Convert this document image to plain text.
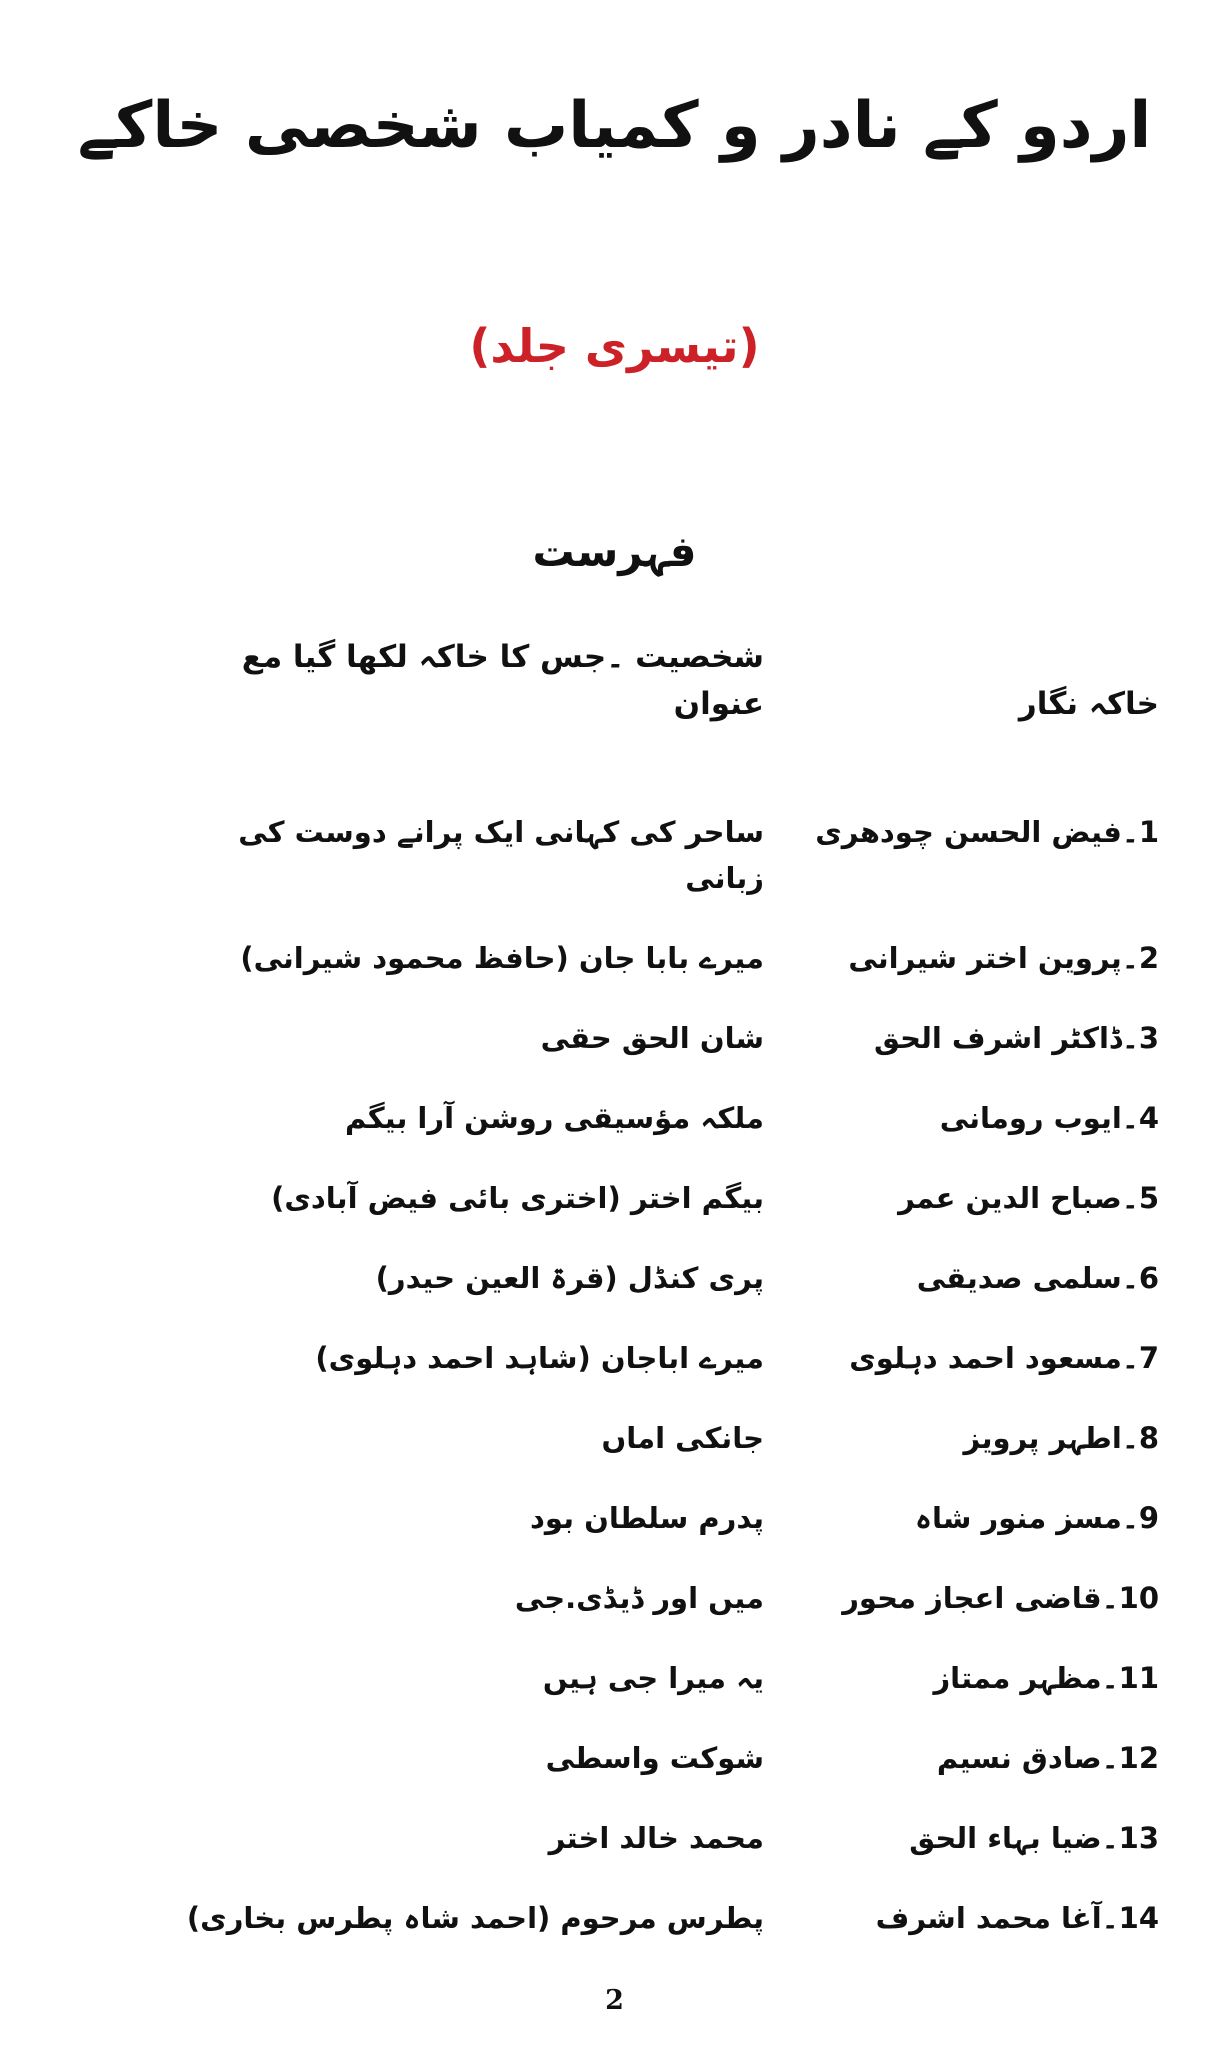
اردو کے نادر و کمیاب شخصی خاکے
(تیسری جلد)
فہرست
خاکہ نگار
شخصیت ۔جس کا خاکہ لکھا گیا مع عنوان
1۔فیض الحسن چودھری
ساحر کی کہانی ایک پرانے دوست کی زبانی
2۔پروین اختر شیرانی
میرے بابا جان (حافظ محمود شیرانی)
3۔ڈاکٹر اشرف الحق
شان الحق حقی
4۔ایوب رومانی
ملکہ مؤسیقی روشن آرا بیگم
5۔صباح الدین عمر
بیگم اختر (اختری بائی فیض آبادی)
6۔سلمی صدیقی
پری کنڈل (قرۃ العین حیدر)
7۔مسعود احمد دہلوی
میرے اباجان (شاہد احمد دہلوی)
8۔اطہر پرویز
جانکی اماں
9۔مسز منور شاہ
پدرم سلطان بود
10۔قاضی اعجاز محور
میں اور ڈیڈی.جی
11۔مظہر ممتاز
یہ میرا جی ہیں
12۔صادق نسیم
شوکت واسطی
13۔ضیا بہاء الحق
محمد خالد اختر
14۔آغا محمد اشرف
پطرس مرحوم (احمد شاہ پطرس بخاری)
2
